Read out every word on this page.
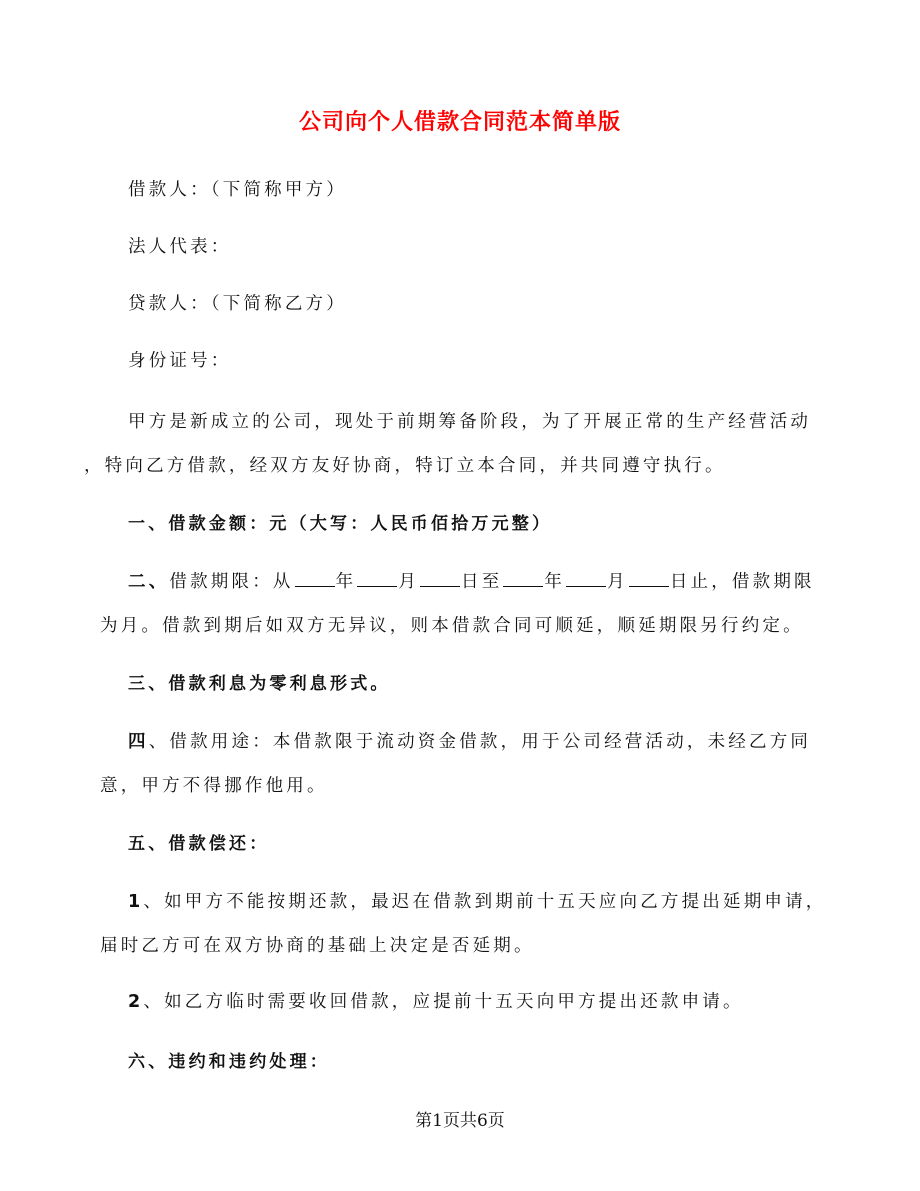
公司向个人借款合同范本简单版
借款人：（下简称甲方）
法人代表：
贷款人：（下简称乙方）
身份证号：
甲方是新成立的公司，现处于前期筹备阶段，为了开展正常的生产经营活动
，特向乙方借款，经双方友好协商，特订立本合同，并共同遵守执行。
一、借款金额：元（大写：人民币佰拾万元整）
二、借款期限：从 年 月 日至 年 月 日止，借款期限
为月。借款到期后如双方无异议，则本借款合同可顺延，顺延期限另行约定。
三、借款利息为零利息形式。
四、借款用途：本借款限于流动资金借款，用于公司经营活动，未经乙方同
意，甲方不得挪作他用。
五、借款偿还：
1、如甲方不能按期还款，最迟在借款到期前十五天应向乙方提出延期申请，
届时乙方可在双方协商的基础上决定是否延期。
2、如乙方临时需要收回借款，应提前十五天向甲方提出还款申请。
六、违约和违约处理：
第1页共6页
